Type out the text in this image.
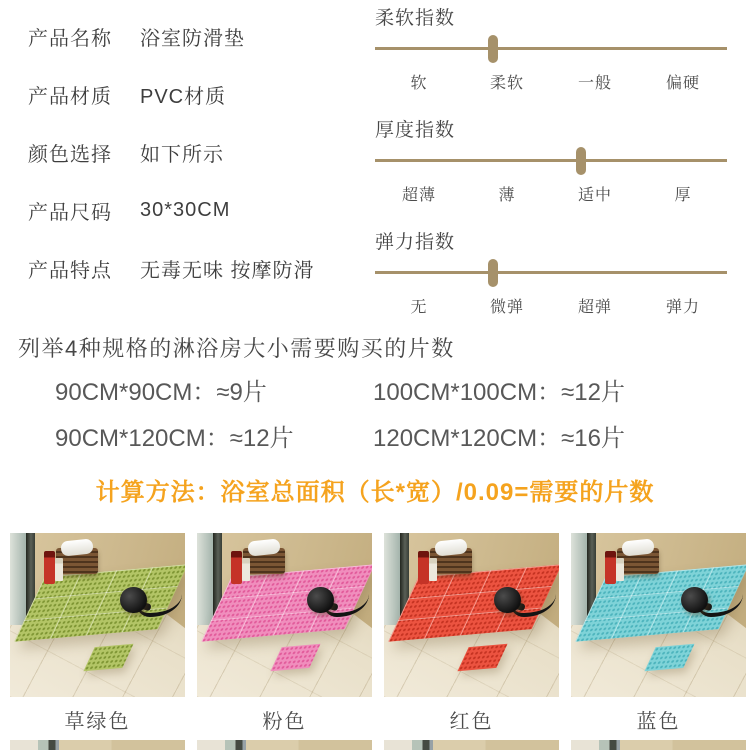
产品名称	浴室防滑垫
产品材质	PVC材质
颜色选择	如下所示
产品尺码	30*30CM
产品特点	无毒无味 按摩防滑
柔软指数
软	柔软	一般	偏硬
厚度指数
超薄	薄	适中	厚
弹力指数
无	微弹	超弹	弹力
列举4种规格的淋浴房大小需要购买的片数
90CM*90CM：≈9片	100CM*100CM：≈12片
90CM*120CM：≈12片	120CM*120CM：≈16片
计算方法：浴室总面积（长*宽）/0.09=需要的片数
草绿色	粉色	红色	蓝色
